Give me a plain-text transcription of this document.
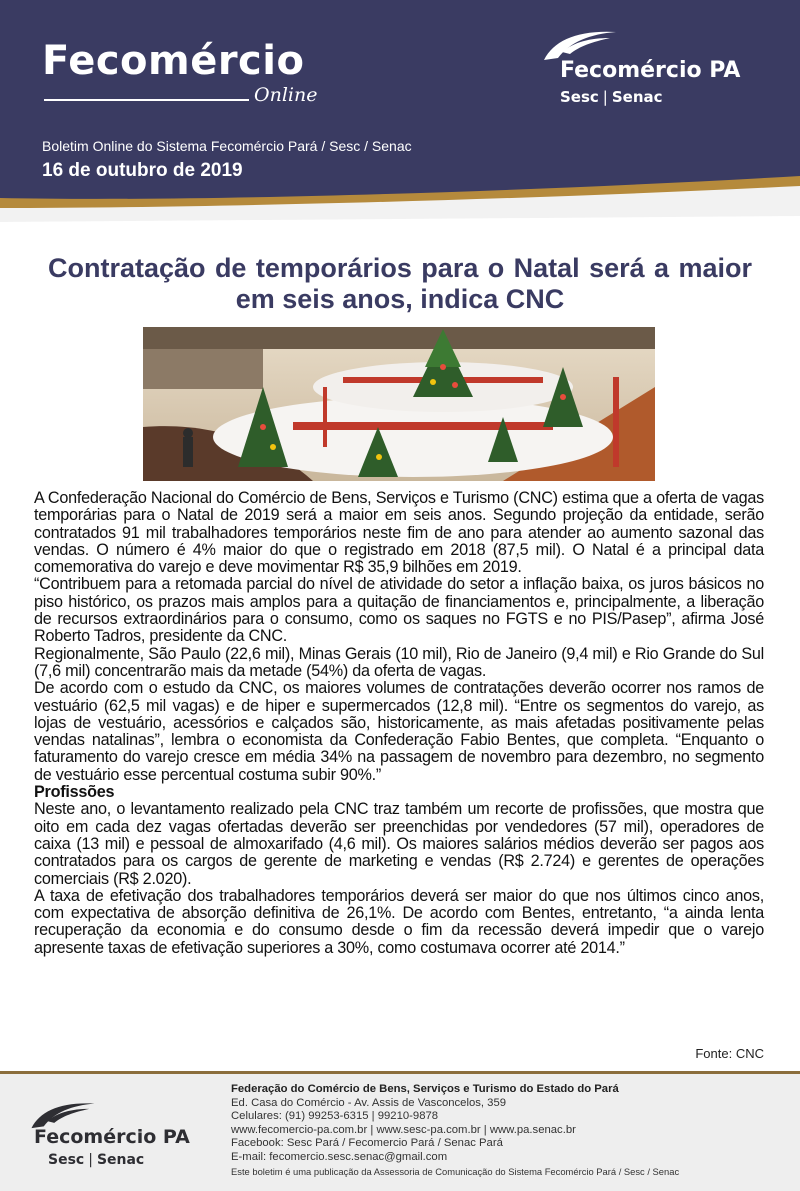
Fecomércio
Online
Fecomércio PA
Sesc | Senac
Boletim Online do Sistema Fecomércio Pará / Sesc / Senac
16 de outubro de 2019
Contratação de temporários para o Natal será a maior em seis anos, indica CNC

A Confederação Nacional do Comércio de Bens, Serviços e Turismo (CNC) estima que a oferta de vagas temporárias para o Natal de 2019 será a maior em seis anos. Segundo projeção da entidade, serão contratados 91 mil trabalhadores temporários neste fim de ano para atender ao aumento sazonal das vendas. O número é 4% maior do que o registrado em 2018 (87,5 mil). O Natal é a principal data comemorativa do varejo e deve movimentar R$ 35,9 bilhões em 2019.

“Contribuem para a retomada parcial do nível de atividade do setor a inflação baixa, os juros básicos no piso histórico, os prazos mais amplos para a quitação de financiamentos e, principalmente, a liberação de recursos extraordinários para o consumo, como os saques no FGTS e no PIS/Pasep”, afirma José Roberto Tadros, presidente da CNC.

Regionalmente, São Paulo (22,6 mil), Minas Gerais (10 mil), Rio de Janeiro (9,4 mil) e Rio Grande do Sul (7,6 mil) concentrarão mais da metade (54%) da oferta de vagas.

De acordo com o estudo da CNC, os maiores volumes de contratações deverão ocorrer nos ramos de vestuário (62,5 mil vagas) e de hiper e supermercados (12,8 mil). “Entre os segmentos do varejo, as lojas de vestuário, acessórios e calçados são, historicamente, as mais afetadas positivamente pelas vendas natalinas”, lembra o economista da Confederação Fabio Bentes, que completa. “Enquanto o faturamento do varejo cresce em média 34% na passagem de novembro para dezembro, no segmento de vestuário esse percentual costuma subir 90%.”

Profissões

Neste ano, o levantamento realizado pela CNC traz também um recorte de profissões, que mostra que oito em cada dez vagas ofertadas deverão ser preenchidas por vendedores (57 mil), operadores de caixa (13 mil) e pessoal de almoxarifado (4,6 mil). Os maiores salários médios deverão ser pagos aos contratados para os cargos de gerente de marketing e vendas (R$ 2.724) e gerentes de operações comerciais (R$ 2.020).

A taxa de efetivação dos trabalhadores temporários deverá ser maior do que nos últimos cinco anos, com expectativa de absorção definitiva de 26,1%. De acordo com Bentes, entretanto, “a ainda lenta recuperação da economia e do consumo desde o fim da recessão deverá impedir que o varejo apresente taxas de efetivação superiores a 30%, como costumava ocorrer até 2014.”

Fonte: CNC
Fecomércio PA
Sesc | Senac
Federação do Comércio de Bens, Serviços e Turismo do Estado do Pará
Ed. Casa do Comércio - Av. Assis de Vasconcelos, 359
Celulares: (91) 99253-6315 | 99210-9878
www.fecomercio-pa.com.br | www.sesc-pa.com.br | www.pa.senac.br
Facebook: Sesc Pará / Fecomercio Pará / Senac Pará
E-mail: fecomercio.sesc.senac@gmail.com
Este boletim é uma publicação da Assessoria de Comunicação do Sistema Fecomércio Pará / Sesc / Senac
